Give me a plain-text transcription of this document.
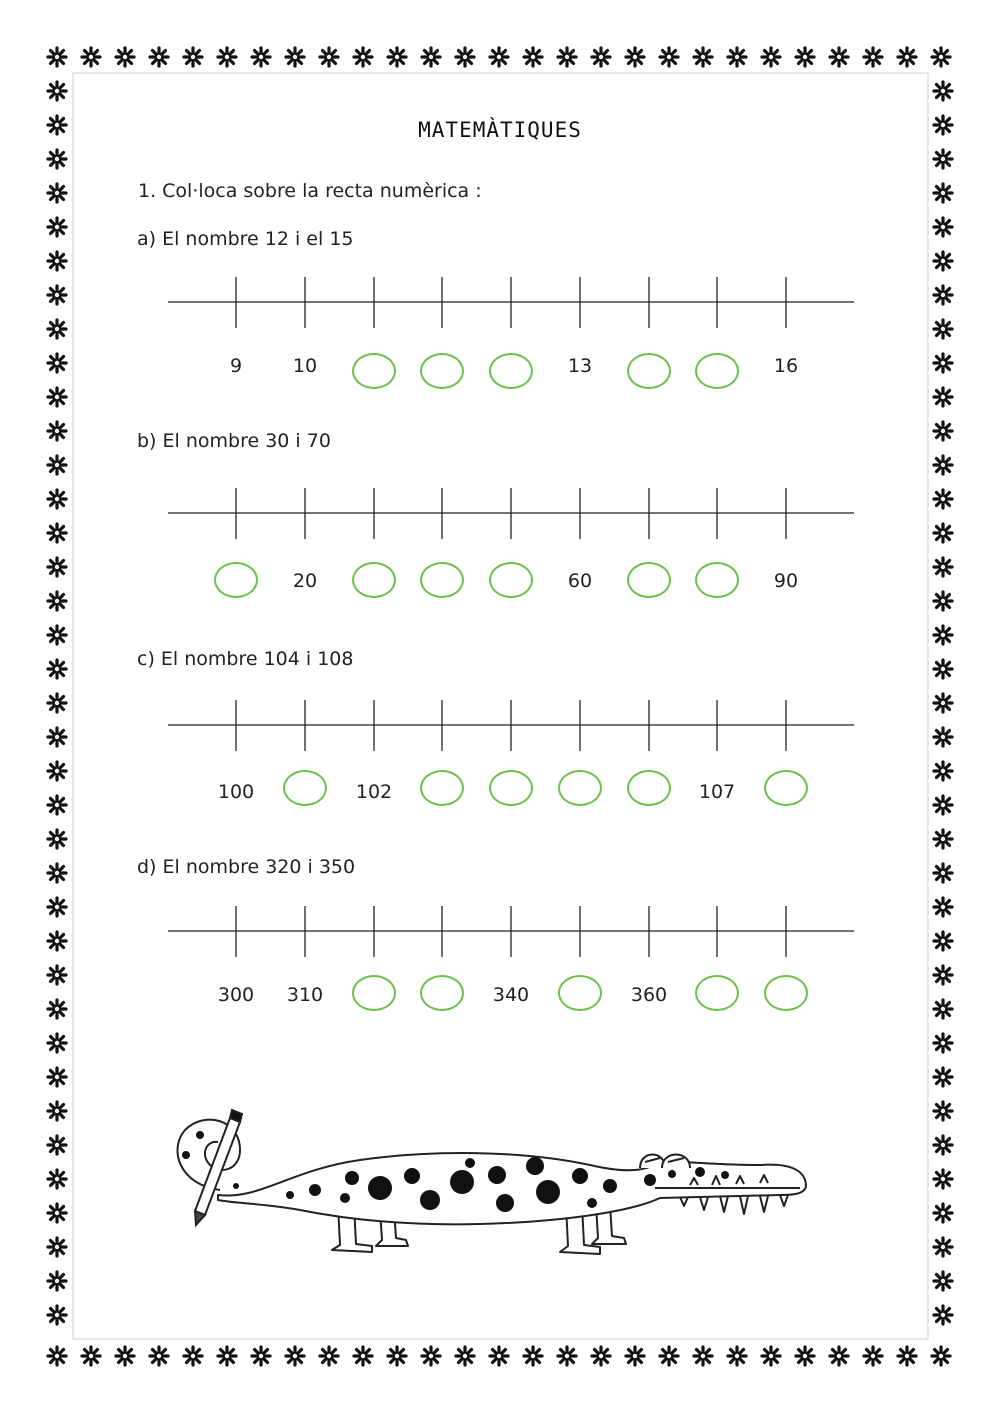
MATEMÀTIQUES
1. Col·loca sobre la recta numèrica :
a) El nombre 12 i el 15
b) El nombre 30 i 70
c) El nombre 104 i 108
d) El nombre 320 i 350
9	10	13	16
20	60	90
100	102	107
300 310	340	360
